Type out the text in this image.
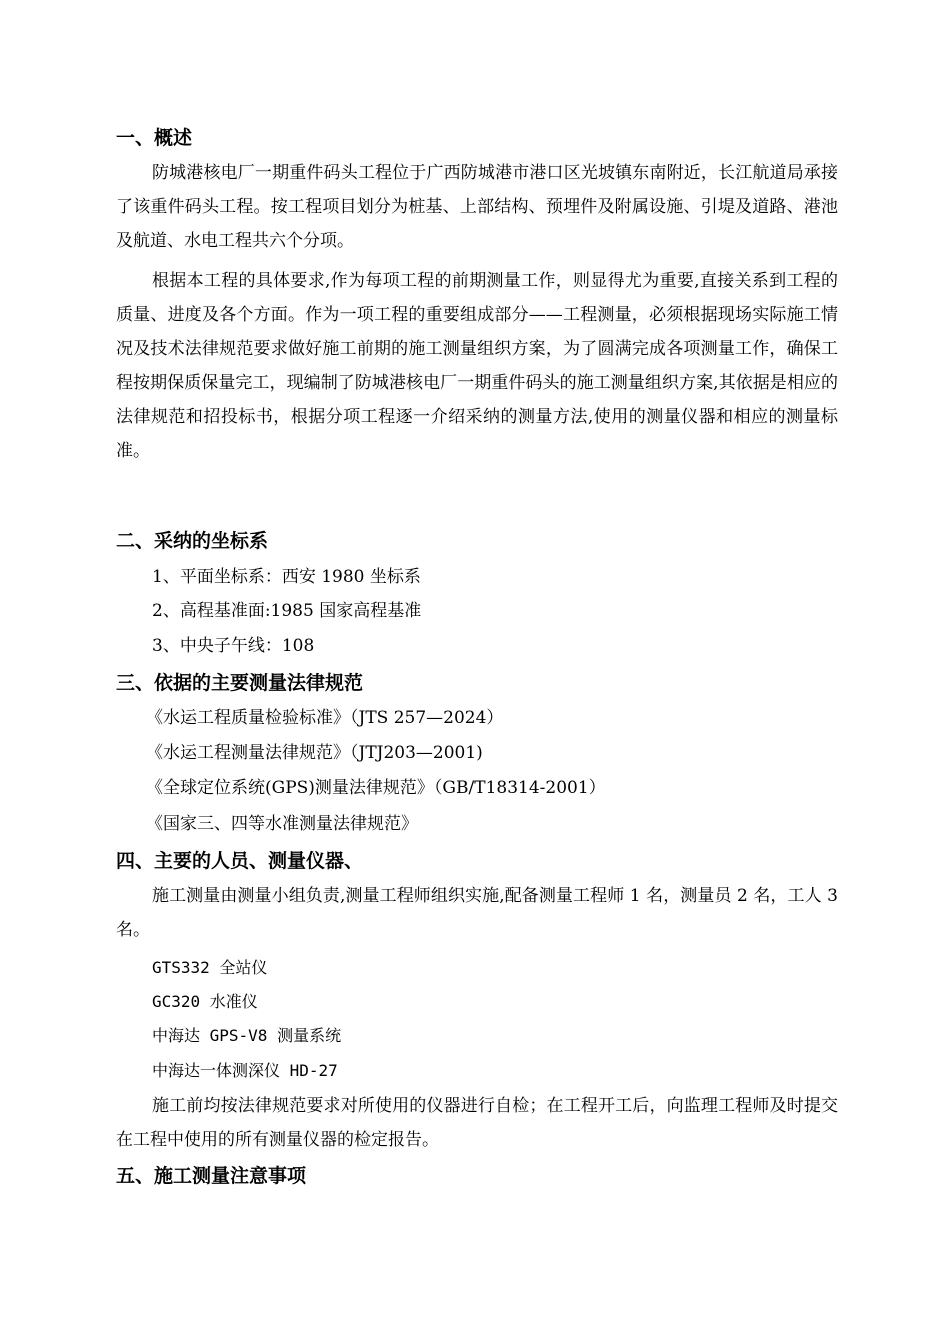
一、概述
防城港核电厂一期重件码头工程位于广西防城港市港口区光坡镇东南附近，长江航道局承接了该重件码头工程。按工程项目划分为桩基、上部结构、预埋件及附属设施、引堤及道路、港池及航道、水电工程共六个分项。
根据本工程的具体要求,作为每项工程的前期测量工作，则显得尤为重要,直接关系到工程的质量、进度及各个方面。作为一项工程的重要组成部分——工程测量，必须根据现场实际施工情况及技术法律规范要求做好施工前期的施工测量组织方案，为了圆满完成各项测量工作，确保工程按期保质保量完工，现编制了防城港核电厂一期重件码头的施工测量组织方案,其依据是相应的法律规范和招投标书，根据分项工程逐一介绍采纳的测量方法,使用的测量仪器和相应的测量标准。
二、采纳的坐标系
1、平面坐标系：西安 1980 坐标系
2、高程基准面:1985 国家高程基准
3、中央子午线：108
三、依据的主要测量法律规范
《水运工程质量检验标准》（JTS 257—2024）
《水运工程测量法律规范》（JTJ203—2001)
《全球定位系统(GPS)测量法律规范》（GB/T18314-2001）
《国家三、四等水准测量法律规范》
四、主要的人员、测量仪器、
施工测量由测量小组负责,测量工程师组织实施,配备测量工程师 1 名，测量员 2 名，工人 3 名。
GTS332 全站仪
GC320 水准仪
中海达 GPS-V8 测量系统
中海达一体测深仪 HD-27
施工前均按法律规范要求对所使用的仪器进行自检；在工程开工后，向监理工程师及时提交在工程中使用的所有测量仪器的检定报告。
五、施工测量注意事项
